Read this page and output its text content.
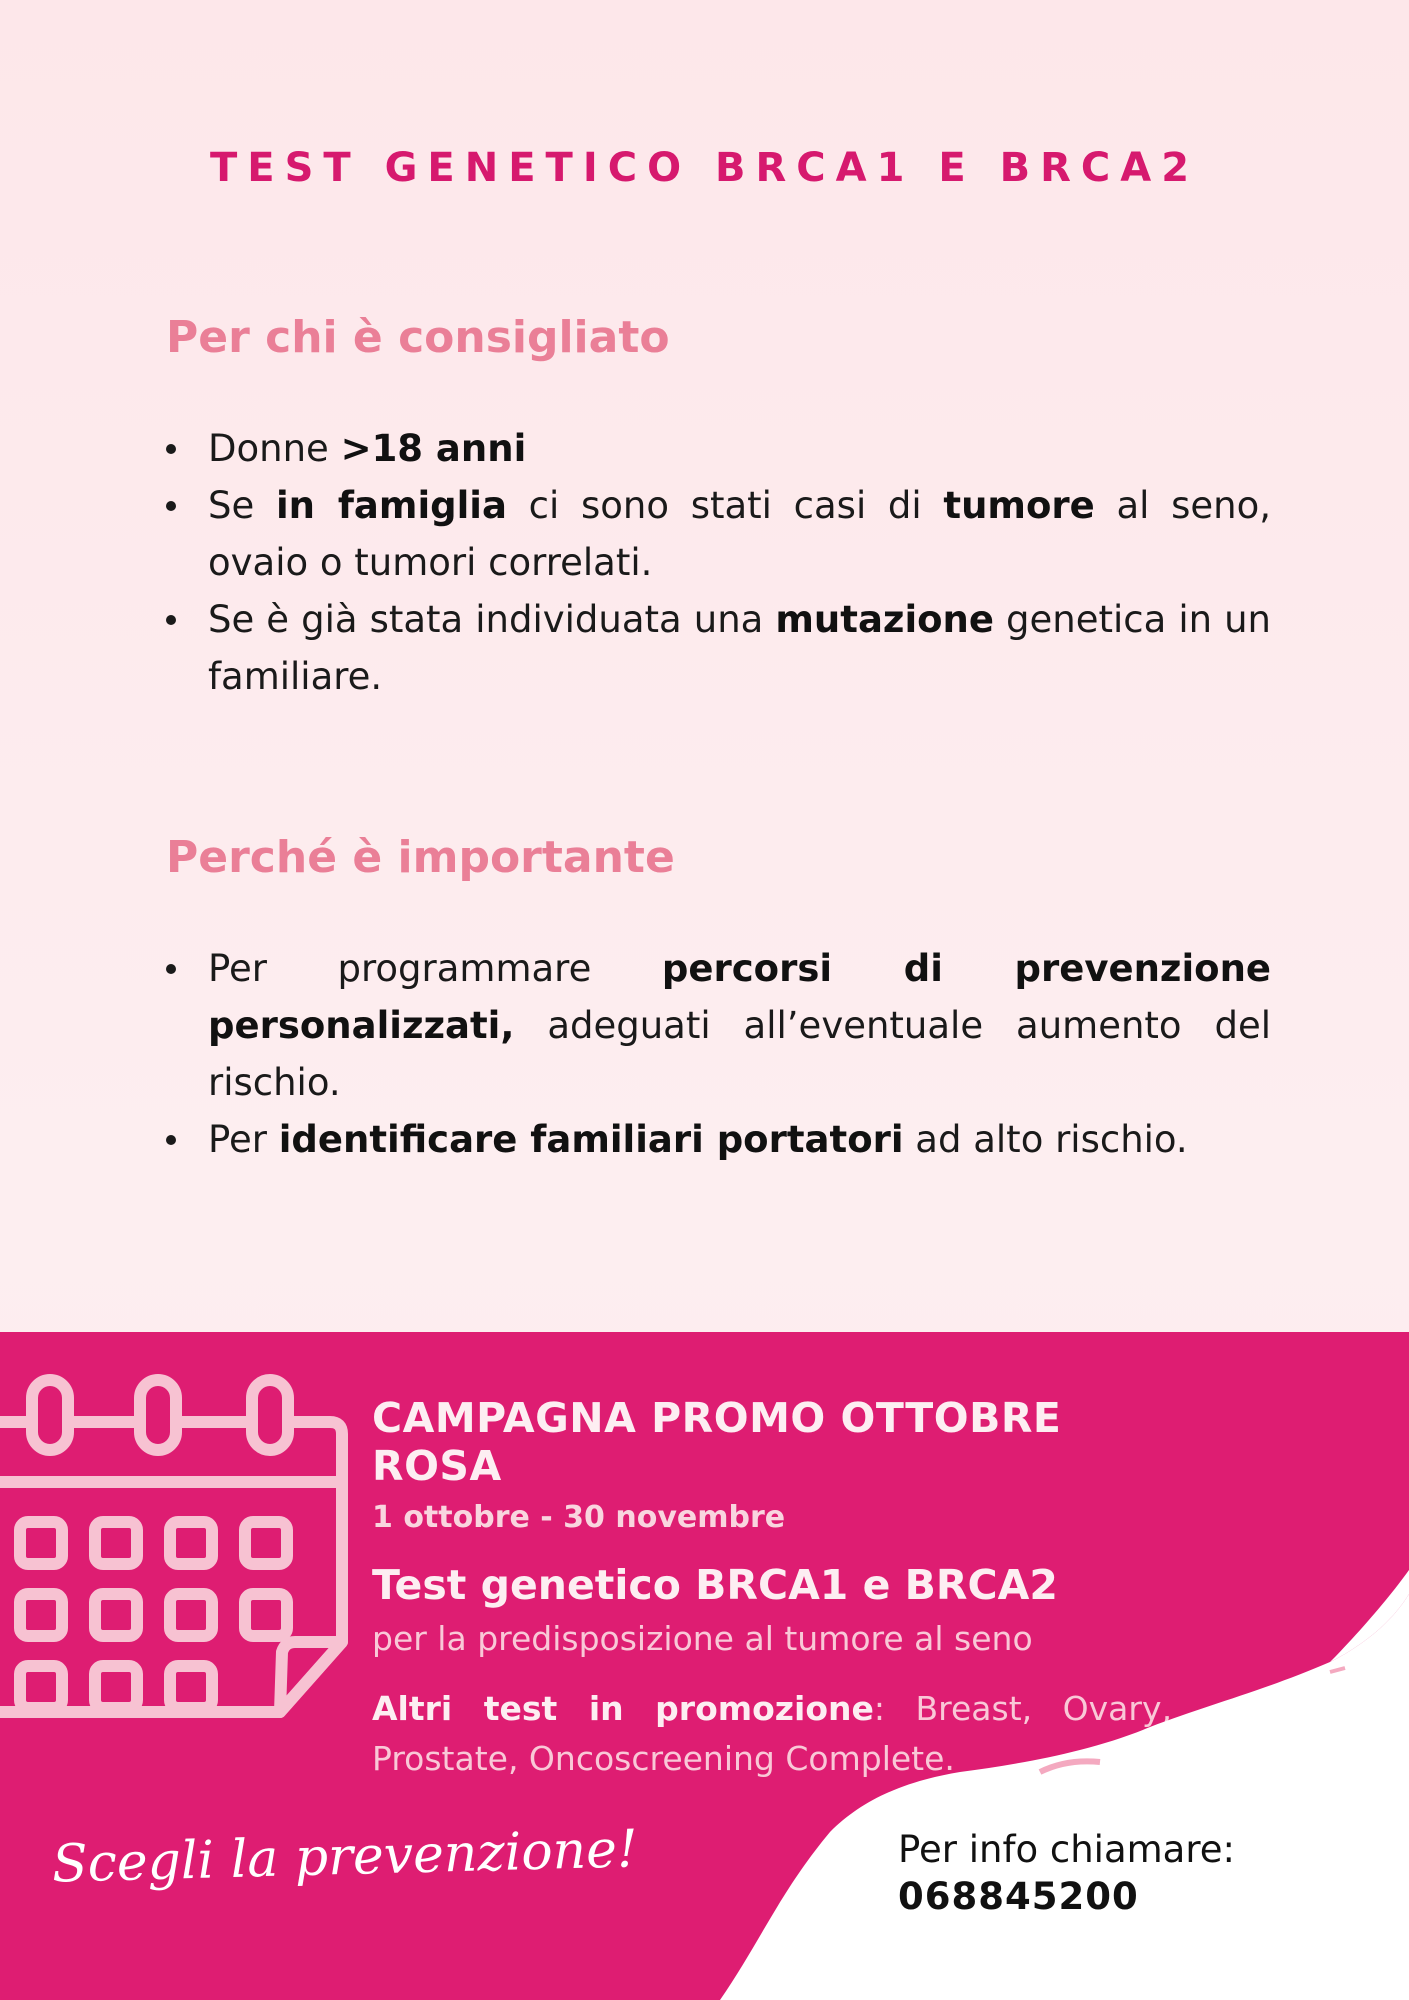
TEST GENETICO BRCA1 E BRCA2
Per chi è consigliato
Donne >18 anni
Se in famiglia ci sono stati casi di tumore al seno, ovaio o tumori correlati.
Se è già stata individuata una mutazione genetica in un familiare.
Perché è importante
Per programmare percorsi di prevenzione personalizzati, adeguati all’eventuale aumento del rischio.
Per identificare familiari portatori ad alto rischio.
CAMPAGNA PROMO OTTOBRE ROSA
1 ottobre - 30 novembre
Test genetico BRCA1 e BRCA2
per la predisposizione al tumore al seno
Altri test in promozione: Breast, Ovary, Prostate, Oncoscreening Complete.
Scegli la prevenzione!	Per info chiamare:
068845200
